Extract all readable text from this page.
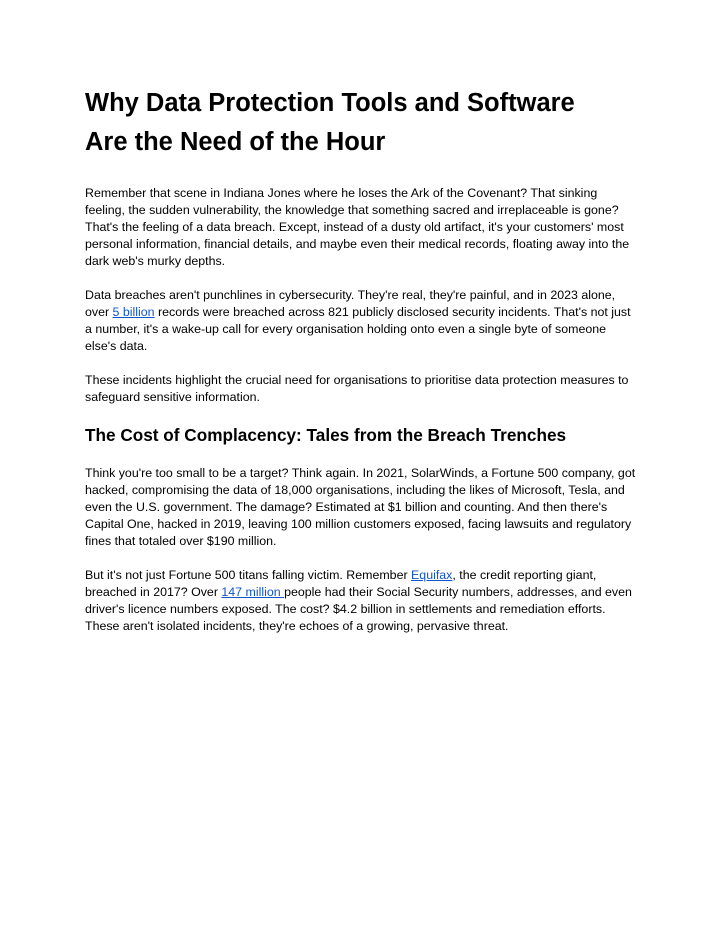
Why Data Protection Tools and Software Are the Need of the Hour

Remember that scene in Indiana Jones where he loses the Ark of the Covenant? That sinking feeling, the sudden vulnerability, the knowledge that something sacred and irreplaceable is gone? That's the feeling of a data breach. Except, instead of a dusty old artifact, it's your customers' most personal information, financial details, and maybe even their medical records, floating away into the dark web's murky depths.

Data breaches aren't punchlines in cybersecurity. They're real, they're painful, and in 2023 alone, over 5 billion records were breached across 821 publicly disclosed security incidents. That's not just a number, it's a wake-up call for every organisation holding onto even a single byte of someone else's data.

These incidents highlight the crucial need for organisations to prioritise data protection measures to safeguard sensitive information.

The Cost of Complacency: Tales from the Breach Trenches

Think you're too small to be a target? Think again. In 2021, SolarWinds, a Fortune 500 company, got hacked, compromising the data of 18,000 organisations, including the likes of Microsoft, Tesla, and even the U.S. government. The damage? Estimated at $1 billion and counting. And then there's Capital One, hacked in 2019, leaving 100 million customers exposed, facing lawsuits and regulatory fines that totaled over $190 million.

But it's not just Fortune 500 titans falling victim. Remember Equifax, the credit reporting giant, breached in 2017? Over 147 million people had their Social Security numbers, addresses, and even driver's licence numbers exposed. The cost? $4.2 billion in settlements and remediation efforts. These aren't isolated incidents, they're echoes of a growing, pervasive threat.
